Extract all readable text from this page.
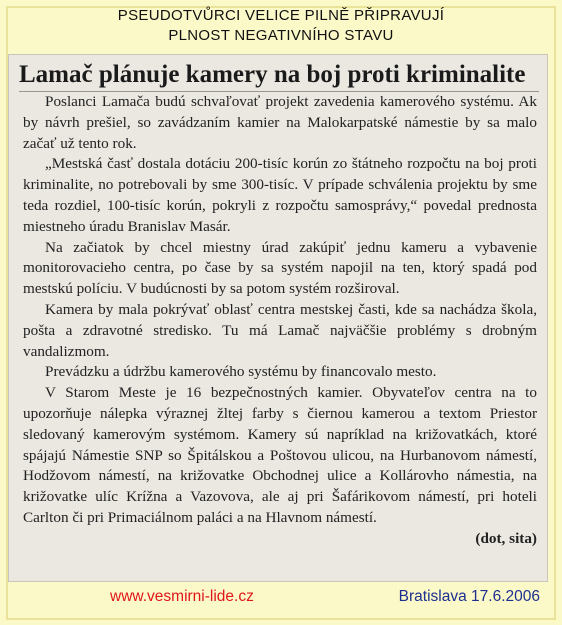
PSEUDOTVŮRCI VELICE PILNĚ PŘIPRAVUJÍ
PLNOST NEGATIVNÍHO STAVU
Lamač plánuje kamery na boj proti kriminalite

Poslanci Lamača budú schvaľovať projekt zavedenia kamerového systému. Ak by návrh prešiel, so zavádzaním kamier na Malokarpatské námestie by sa malo začať už tento rok.

„Mestská časť dostala dotáciu 200-tisíc korún zo štátneho rozpočtu na boj proti kriminalite, no potrebovali by sme 300-tisíc. V prípade schválenia projektu by sme teda rozdiel, 100-tisíc korún, pokryli z rozpočtu samosprávy,“ povedal prednosta miestneho úradu Branislav Masár.

Na začiatok by chcel miestny úrad zakúpiť jednu kameru a vybavenie monitorovacieho centra, po čase by sa systém napojil na ten, ktorý spadá pod mestskú políciu. V budúcnosti by sa potom systém rozširoval.

Kamera by mala pokrývať oblasť centra mestskej časti, kde sa nachádza škola, pošta a zdravotné stredisko. Tu má Lamač najväčšie problémy s drobným vandalizmom.

Prevádzku a údržbu kamerového systému by financovalo mesto.

V Starom Meste je 16 bezpečnostných kamier. Obyvateľov centra na to upozorňuje nálepka výraznej žltej farby s čiernou kamerou a textom Priestor sledovaný kamerovým systémom. Kamery sú napríklad na križovatkách, ktoré spájajú Námestie SNP so Špitálskou a Poštovou ulicou, na Hurbanovom námestí, Hodžovom námestí, na križovatke Obchodnej ulice a Kollárovho námestia, na križovatke ulíc Krížna a Vazovova, ale aj pri Šafárikovom námestí, pri hoteli Carlton či pri Primaciálnom paláci a na Hlavnom námestí.

(dot, sita)
www.vesmirni-lide.cz	Bratislava 17.6.2006
